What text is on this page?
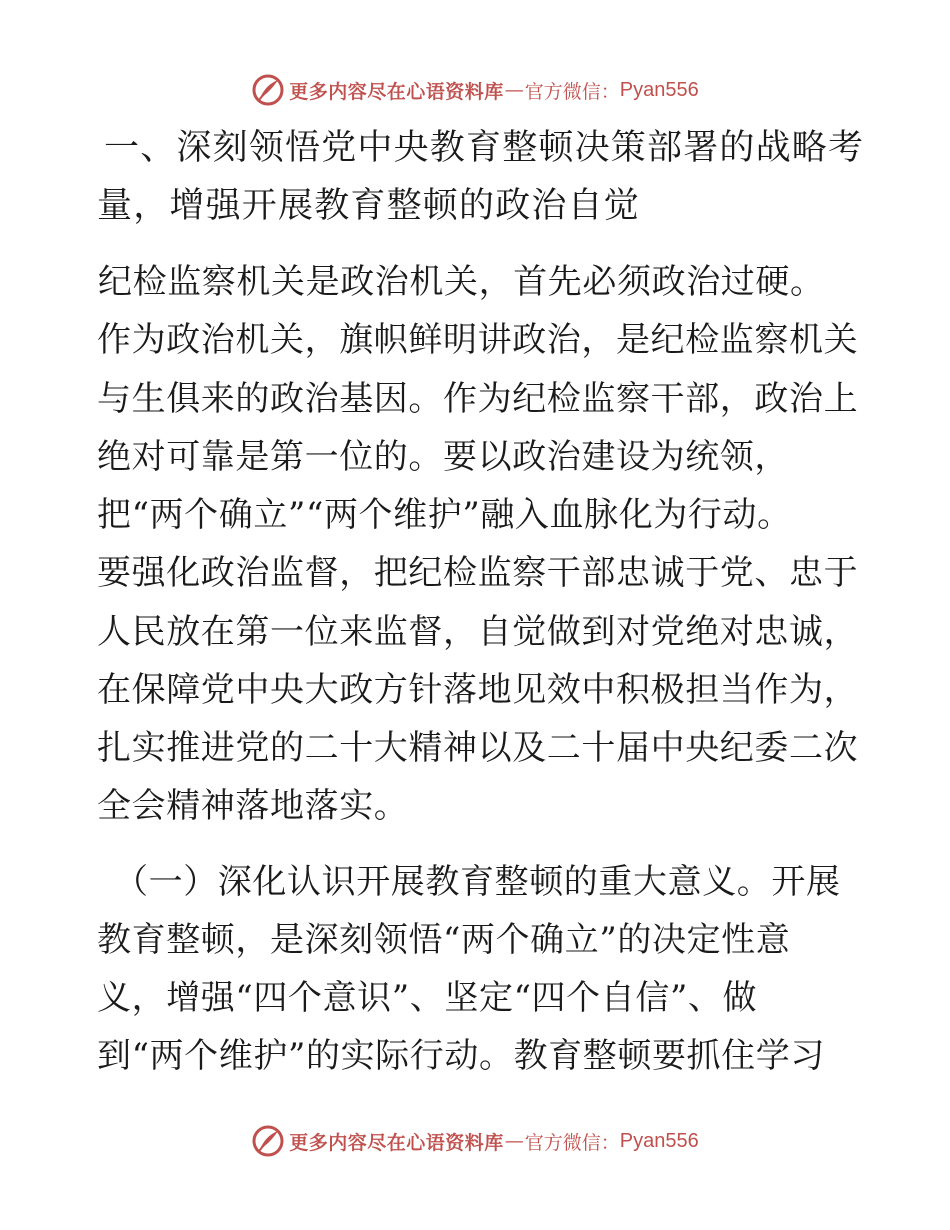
更多内容尽在心语资料库 — 官方微信： Pyan556
一、深刻领悟党中央教育整顿决策部署的战略考
量，增强开展教育整顿的政治自觉
纪检监察机关是政治机关，首先必须政治过硬。
作为政治机关，旗帜鲜明讲政治，是纪检监察机关
与生俱来的政治基因。作为纪检监察干部，政治上
绝对可靠是第一位的。要以政治建设为统领，
把“两个确立”“两个维护”融入血脉化为行动。
要强化政治监督，把纪检监察干部忠诚于党、忠于
人民放在第一位来监督，自觉做到对党绝对忠诚，
在保障党中央大政方针落地见效中积极担当作为，
扎实推进党的二十大精神以及二十届中央纪委二次
全会精神落地落实。
（一）深化认识开展教育整顿的重大意义。开展
教育整顿，是深刻领悟“两个确立”的决定性意
义，增强“四个意识”、坚定“四个自信”、做
到“两个维护”的实际行动。教育整顿要抓住学习
更多内容尽在心语资料库 — 官方微信： Pyan556
